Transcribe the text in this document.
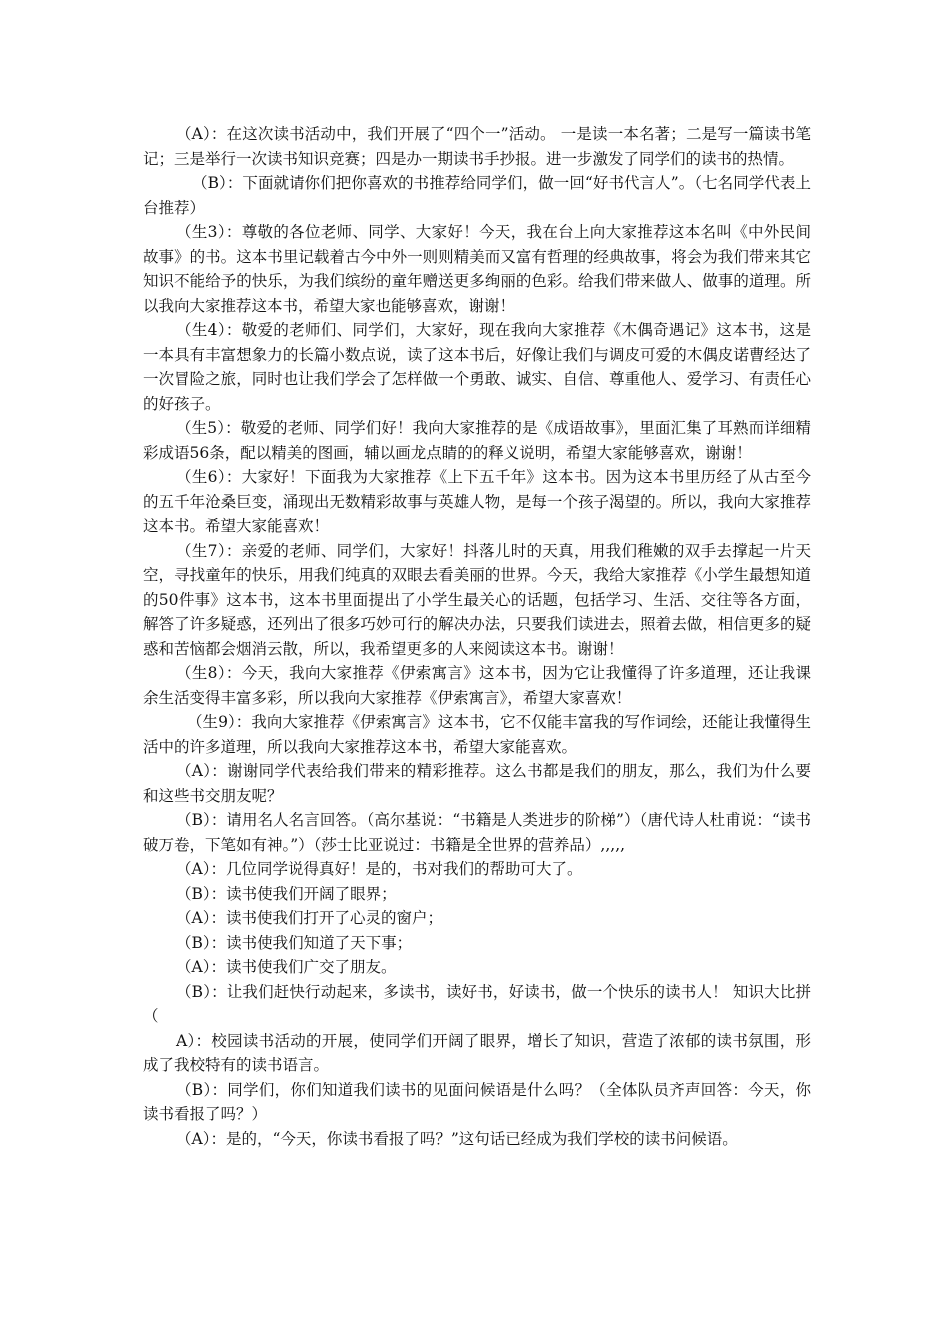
（A）：在这次读书活动中，我们开展了“四个一”活动。 一是读一本名著；二是写一篇读书笔记；三是举行一次读书知识竞赛；四是办一期读书手抄报。进一步激发了同学们的读书的热情。

（B）：下面就请你们把你喜欢的书推荐给同学们，做一回“好书代言人”。（七名同学代表上台推荐）

（生3）：尊敬的各位老师、同学、大家好！今天，我在台上向大家推荐这本名叫《中外民间故事》的书。这本书里记载着古今中外一则则精美而又富有哲理的经典故事，将会为我们带来其它知识不能给予的快乐，为我们缤纷的童年赠送更多绚丽的色彩。给我们带来做人、做事的道理。所以我向大家推荐这本书，希望大家也能够喜欢，谢谢！

（生4）：敬爱的老师们、同学们，大家好，现在我向大家推荐《木偶奇遇记》这本书，这是一本具有丰富想象力的长篇小数点说，读了这本书后，好像让我们与调皮可爱的木偶皮诺曹经达了一次冒险之旅，同时也让我们学会了怎样做一个勇敢、诚实、自信、尊重他人、爱学习、有责任心的好孩子。

（生5）：敬爱的老师、同学们好！我向大家推荐的是《成语故事》，里面汇集了耳熟而详细精彩成语56条，配以精美的图画，辅以画龙点睛的的释义说明，希望大家能够喜欢，谢谢！

（生6）：大家好！下面我为大家推荐《上下五千年》这本书。因为这本书里历经了从古至今的五千年沧桑巨变，涌现出无数精彩故事与英雄人物，是每一个孩子渴望的。所以，我向大家推荐这本书。希望大家能喜欢！

（生7）：亲爱的老师、同学们，大家好！抖落儿时的天真，用我们稚嫩的双手去撑起一片天空，寻找童年的快乐，用我们纯真的双眼去看美丽的世界。今天，我给大家推荐《小学生最想知道的50件事》这本书，这本书里面提出了小学生最关心的话题，包括学习、生活、交往等各方面，解答了许多疑惑，还列出了很多巧妙可行的解决办法，只要我们读进去，照着去做，相信更多的疑惑和苦恼都会烟消云散，所以，我希望更多的人来阅读这本书。谢谢！

（生8）：今天，我向大家推荐《伊索寓言》这本书，因为它让我懂得了许多道理，还让我课余生活变得丰富多彩，所以我向大家推荐《伊索寓言》，希望大家喜欢！

（生9）：我向大家推荐《伊索寓言》这本书，它不仅能丰富我的写作词绘，还能让我懂得生活中的许多道理，所以我向大家推荐这本书，希望大家能喜欢。

（A）：谢谢同学代表给我们带来的精彩推荐。这么书都是我们的朋友，那么，我们为什么要和这些书交朋友呢？

（B）：请用名人名言回答。（高尔基说：“书籍是人类进步的阶梯”）（唐代诗人杜甫说：“读书破万卷，下笔如有神。”）（莎士比亚说过：书籍是全世界的营养品）,,,,,

（A）：几位同学说得真好！是的，书对我们的帮助可大了。

（B）：读书使我们开阔了眼界；

（A）：读书使我们打开了心灵的窗户；

（B）：读书使我们知道了天下事；

（A）：读书使我们广交了朋友。

（B）：让我们赶快行动起来，多读书，读好书，好读书，做一个快乐的读书人！ 知识大比拼 （

A）：校园读书活动的开展，使同学们开阔了眼界，增长了知识，营造了浓郁的读书氛围，形成了我校特有的读书语言。

（B）：同学们，你们知道我们读书的见面问候语是什么吗？（全体队员齐声回答：今天，你读书看报了吗？）

（A）：是的，“今天，你读书看报了吗？”这句话已经成为我们学校的读书问候语。
